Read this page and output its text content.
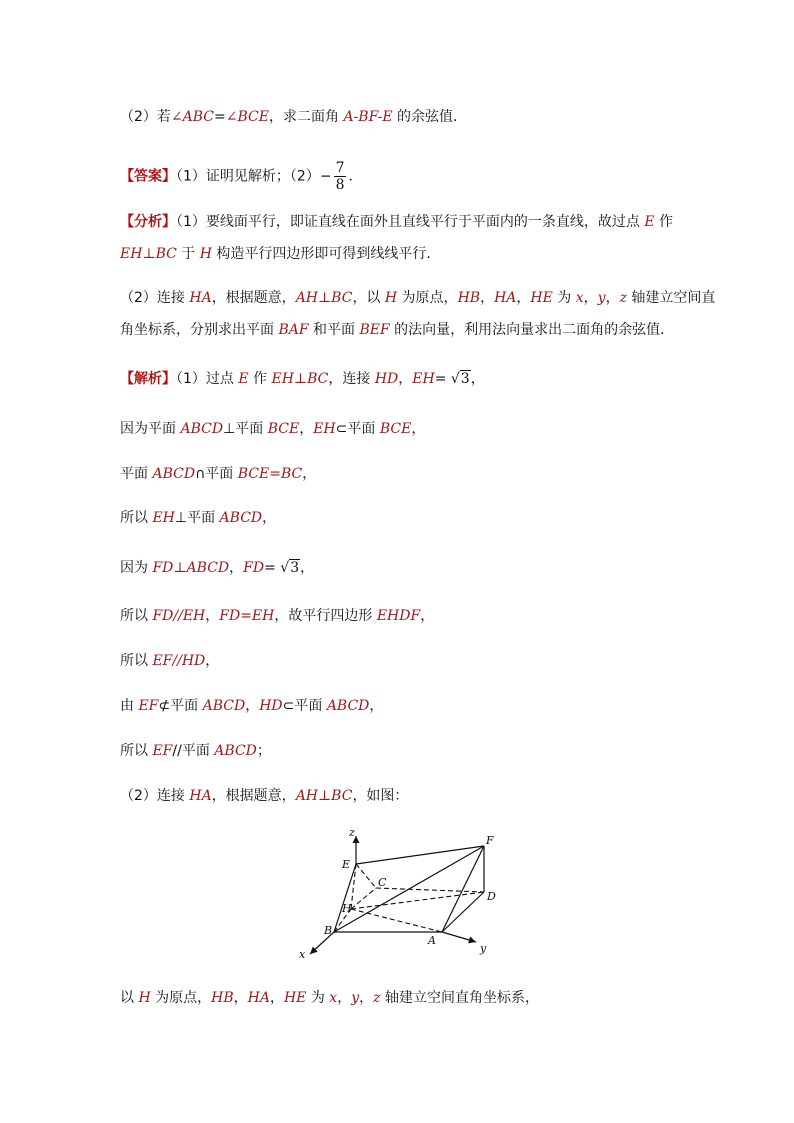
（2）若∠ABC=∠BCE，求二面角 A-BF-E 的余弦值．
【答案】（1）证明见解析；$(2)- \frac{7}{8}$ ．
【分析】（1）要线面平行，即证直线在面外且直线平行于平面内的一条直线，故过点 E 作
EH⊥BC 于 H 构造平行四边形即可得到线线平行．
（2）连接 HA，根据题意，AH⊥BC，以 H 为原点，HB，HA，HE 为 x，y，z 轴建立空间直
角坐标系，分别求出平面 BAF 和平面 BEF 的法向量，利用法向量求出二面角的余弦值．
【解析】（1）过点 E 作 EH⊥BC，连接 HD，EH= √3，
因为平面 ABCD⊥平面 BCE，EH⊂平面 BCE，
平面 ABCD∩平面 BCE=BC，
所以 EH⊥平面 ABCD，
因为 FD⊥ABCD，FD= √3，
所以 FD//EH，FD=EH，故平行四边形 EHDF，
所以 EF//HD，
由 EF⊄平面 ABCD，HD⊂平面 ABCD，
所以 EF//平面 ABCD；
（2）连接 HA，根据题意，AH⊥BC，如图：
z
E
F
C
D
H
B
A
x	y
以 H 为原点，HB，HA，HE 为 x，y，z 轴建立空间直角坐标系，
